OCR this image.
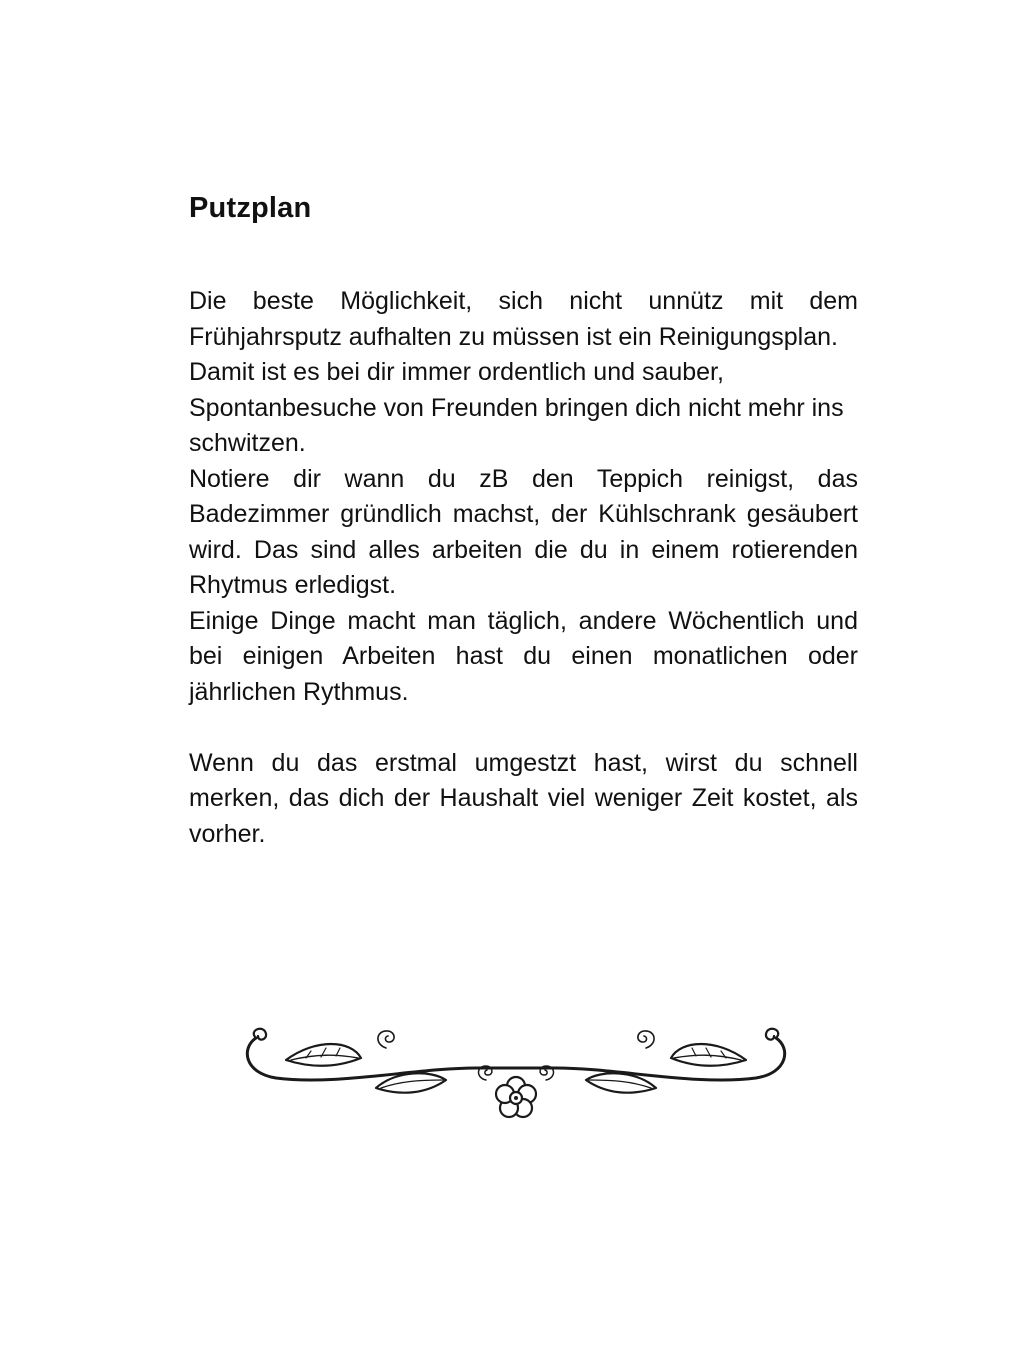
Putzplan

Die beste Möglichkeit, sich nicht unnütz mit dem Frühjahrsputz aufhalten zu müssen ist ein Reinigungsplan.

Damit ist es bei dir immer ordentlich und sauber,

Spontanbesuche von Freunden bringen dich nicht mehr ins schwitzen.

Notiere dir wann du zB den Teppich reinigst, das Badezimmer gründlich machst, der Kühlschrank gesäubert wird. Das sind alles arbeiten die du in einem rotierenden Rhytmus erledigst.

Einige Dinge macht man täglich, andere Wöchentlich und bei einigen Arbeiten hast du einen monatlichen oder jährlichen Rythmus.

Wenn du das erstmal umgestzt hast, wirst du schnell merken, das dich der Haushalt viel weniger Zeit kostet, als vorher.
